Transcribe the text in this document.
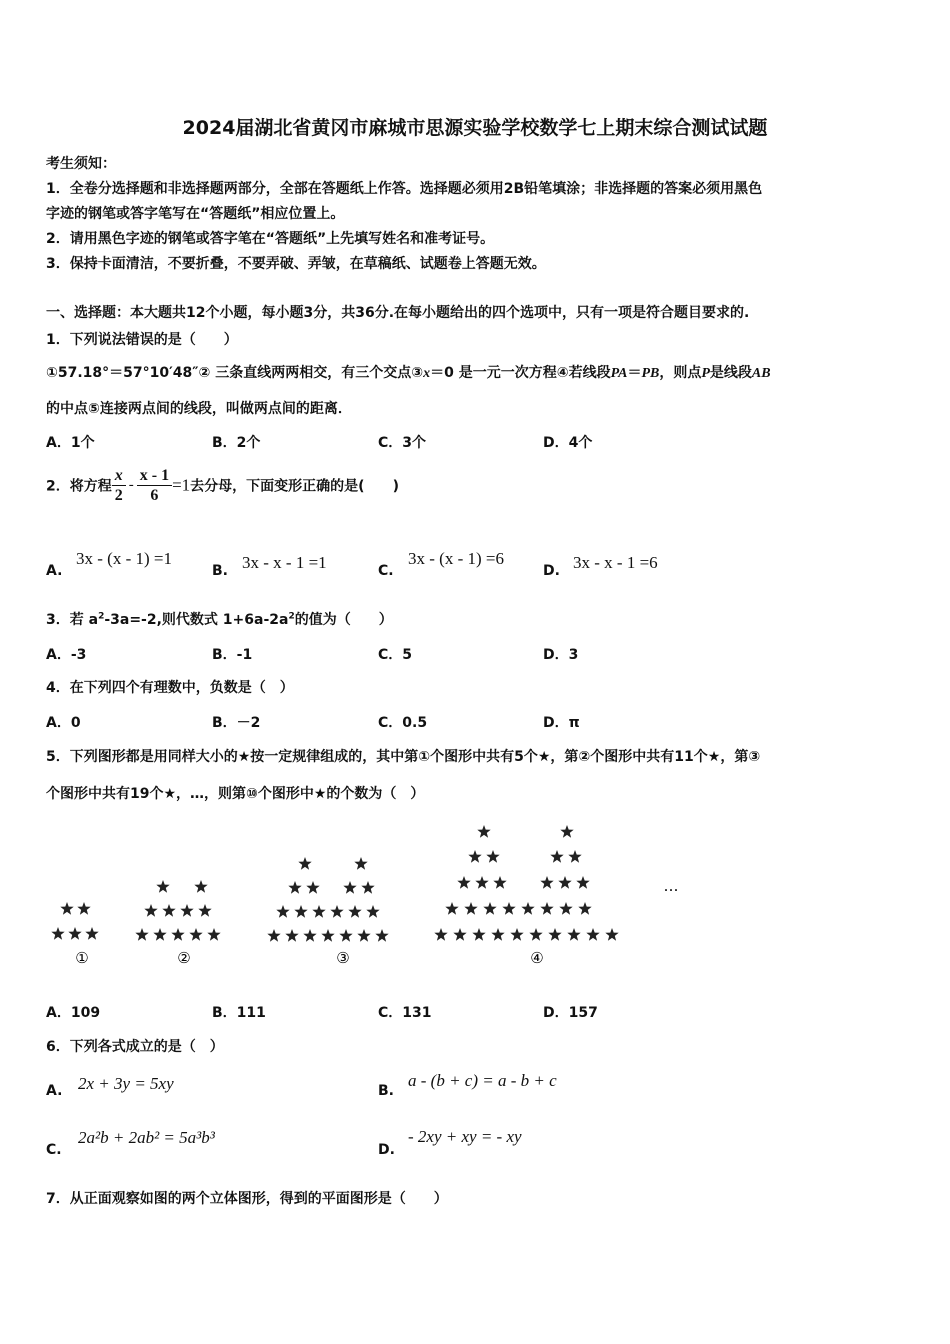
2024届湖北省黄冈市麻城市思源实验学校数学七上期末综合测试试题
考生须知：
1．全卷分选择题和非选择题两部分，全部在答题纸上作答。选择题必须用2B铅笔填涂；非选择题的答案必须用黑色
字迹的钢笔或答字笔写在“答题纸”相应位置上。
2．请用黑色字迹的钢笔或答字笔在“答题纸”上先填写姓名和准考证号。
3．保持卡面清洁，不要折叠，不要弄破、弄皱，在草稿纸、试题卷上答题无效。
一、选择题：本大题共12个小题，每小题3分，共36分.在每小题给出的四个选项中，只有一项是符合题目要求的.
1．下列说法错误的是（　　）
①57.18°＝57°10′48″② 三条直线两两相交，有三个交点③x＝0 是一元一次方程④若线段PA＝PB，则点P是线段AB
的中点⑤连接两点间的线段，叫做两点间的距离．
A．1个	B．2个	C．3个	D．4个
2．将方程 $\frac{x}{2} - \frac{x - 1}{6} =1$去分母，下面变形正确的是(　　)
A.
3x - (x - 1) =1
B. 3x - x - 1 =1	C.
3x - (x - 1) =6
D. 3x - x - 1 =6
3．若 $a^2-3a=-2$,则代数式 $1+6a-2a^2$的值为（　　）
A．-3	B．-1	C．5	D．3
4．在下列四个有理数中，负数是（　）
A．0	B．－2	C．0.5	D．π
5．下列图形都是用同样大小的★按一定规律组成的，其中第①个图形中共有5个★，第②个图形中共有11个★，第③
个图形中共有19个★，…，则第⑩个图形中★的个数为（　）
①	②	③	④
…
A．109	B．111	C．131	D．157
6．下列各式成立的是（　）
A. 2x + 3y = 5xy	B.
a - (b + c) = a - b + c
C.
2a²b + 2ab² = 5a³b³
D.
- 2xy + xy = - xy
7．从正面观察如图的两个立体图形，得到的平面图形是（　　）
